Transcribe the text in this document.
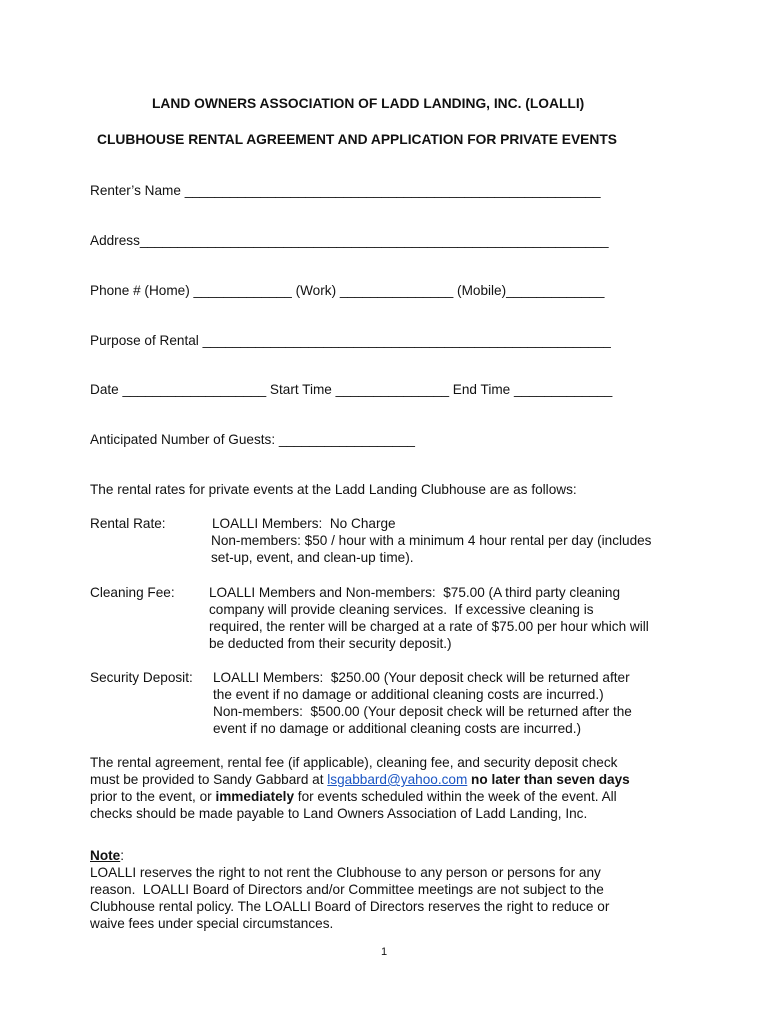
LAND OWNERS ASSOCIATION OF LADD LANDING, INC. (LOALLI)
CLUBHOUSE RENTAL AGREEMENT AND APPLICATION FOR PRIVATE EVENTS
Renter’s Name _______________________________________________________
Address______________________________________________________________
Phone # (Home) _____________ (Work) _______________ (Mobile)_____________
Purpose of Rental ______________________________________________________
Date ___________________ Start Time _______________ End Time _____________
Anticipated Number of Guests: __________________
The rental rates for private events at the Ladd Landing Clubhouse are as follows:
Rental Rate:	LOALLI Members:  No Charge
Non-members: $50 / hour with a minimum 4 hour rental per day (includes
set-up, event, and clean-up time).
Cleaning Fee:	LOALLI Members and Non-members:  $75.00 (A third party cleaning
company will provide cleaning services.  If excessive cleaning is
required, the renter will be charged at a rate of $75.00 per hour which will
be deducted from their security deposit.)
Security Deposit: LOALLI Members:  $250.00 (Your deposit check will be returned after
the event if no damage or additional cleaning costs are incurred.)
Non-members:  $500.00 (Your deposit check will be returned after the
event if no damage or additional cleaning costs are incurred.)
The rental agreement, rental fee (if applicable), cleaning fee, and security deposit check
must be provided to Sandy Gabbard at lsgabbard@yahoo.com no later than seven days
prior to the event, or immediately for events scheduled within the week of the event. All
checks should be made payable to Land Owners Association of Ladd Landing, Inc.
Note:
LOALLI reserves the right to not rent the Clubhouse to any person or persons for any
reason.  LOALLI Board of Directors and/or Committee meetings are not subject to the
Clubhouse rental policy. The LOALLI Board of Directors reserves the right to reduce or
waive fees under special circumstances.
1
